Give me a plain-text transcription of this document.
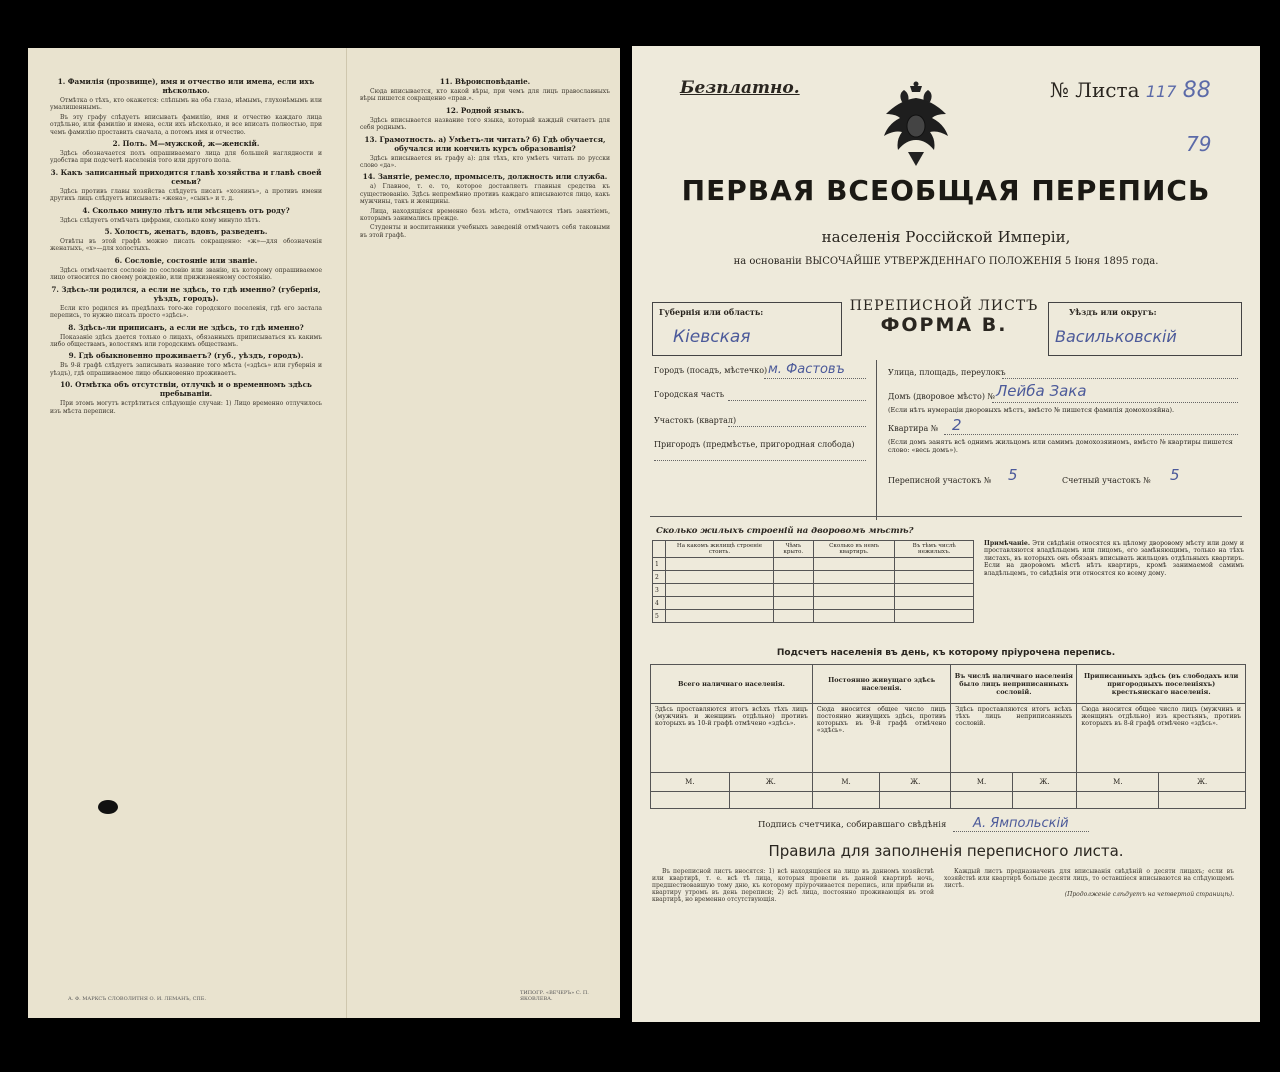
1. Фамилія (прозвище), имя и отчество или имена, если ихъ нѣсколько.
Отмѣтка о тѣхъ, кто окажется: слѣпымъ на оба глаза, нѣмымъ, глухонѣмымъ или умалишеннымъ.
Въ эту графу слѣдуетъ вписывать фамилію, имя и отчество каждаго лица отдѣльно, или фамилію и имена, если ихъ нѣсколько, и все вписать полностью, при чемъ фамилію проставить сначала, а потомъ имя и отчество.
2. Полъ. М—мужской, ж—женскій.
Здѣсь обозначается полъ опрашиваемаго лица для большей наглядности и удобства при подсчетѣ населенія того или другого пола.
3. Какъ записанный приходится главѣ хозяйства и главѣ своей семьи?
Здѣсь противъ главы хозяйства слѣдуетъ писать «хозяинъ», а противъ имени другихъ лицъ слѣдуетъ вписывать: «жена», «сынъ» и т. д.
4. Сколько минуло лѣтъ или мѣсяцевъ отъ роду?
Здѣсь слѣдуетъ отмѣчать цифрами, сколько кому минуло лѣтъ.
5. Холостъ, женатъ, вдовъ, разведенъ.
Отвѣты въ этой графѣ можно писать сокращенно: «ж»—для обозначенія женатыхъ, «х»—для холостыхъ.
6. Сословіе, состояніе или званіе.
Здѣсь отмѣчается сословіе по сословію или званію, къ которому опрашиваемое лицо относится по своему рожденію, или прижизненному состоянію.
7. Здѣсь-ли родился, а если не здѣсь, то гдѣ именно? (губернія, уѣздъ, городъ).
Если кто родился въ предѣлахъ того-же городского поселенія, гдѣ его застала перепись, то нужно писать просто «здѣсь».
8. Здѣсь-ли приписанъ, а если не здѣсь, то гдѣ именно?
Показаніе здѣсь дается только о лицахъ, обязанныхъ приписываться къ какимъ либо обществамъ, волостямъ или городскимъ обществамъ.
9. Гдѣ обыкновенно проживаетъ? (губ., уѣздъ, городъ).
Въ 9-й графѣ слѣдуетъ записывать название того мѣста («здѣсь» или губернія и уѣздъ), гдѣ опрашиваемое лицо обыкновенно проживаетъ.
10. Отмѣтка объ отсутствіи, отлучкѣ и о временномъ здѣсь пребываніи.
При этомъ могутъ встрѣтиться слѣдующіе случаи: 1) Лицо временно отлучилось изъ мѣста переписи.
11. Вѣроисповѣданіе.
Сюда вписывается, кто какой вѣры, при чемъ для лицъ православныхъ вѣры пишется сокращенно «прав.».
12. Родной языкъ.
Здѣсь вписывается название того языка, который каждый считаетъ для себя роднымъ.
13. Грамотность. а) Умѣетъ-ли читать? б) Гдѣ обучается, обучался или кончилъ курсъ образованія?
Здѣсь вписывается въ графу а): для тѣхъ, кто умѣетъ читать по русски слово «да».
14. Занятіе, ремесло, промыселъ, должность или служба.
а) Главное, т. е. то, которое доставляетъ главныя средства къ существованію. Здѣсь непремѣнно противъ каждаго вписываются лицо, какъ мужчины, такъ и женщины.
Лица, находящіяся временно безъ мѣста, отмѣчаются тѣмъ занятіемъ, которымъ занимались прежде.
Студенты и воспитанники учебныхъ заведеній отмѣчаютъ себя таковыми въ этой графѣ.
А. Ф. МАРКСЪ СЛОВОЛИТНЯ О. И. ЛЕМАНЪ, СПБ.
ТИПОГР. «ВЕЧЕРЪ» С. П. ЯКОВЛЕВА.
Безплатно.	№ Листа 117 88
79
ПЕРВАЯ ВСЕОБЩАЯ ПЕРЕПИСЬ
населенія Россійской Имперіи,
на основаніи ВЫСОЧАЙШЕ УТВЕРЖДЕННАГО ПОЛОЖЕНІЯ 5 Іюня 1895 года.
Губернія или область:
Кіевская
ПЕРЕПИСНОЙ ЛИСТЪ
ФОРМА В.
Уѣздъ или округъ:
Васильковскій
Городъ (посадъ, мѣстечко) м. Фастовъ
Городская часть
Участокъ (квартал)
Пригородъ (предмѣстье, пригородная слобода)
Улица, площадь, переулокъ
Домъ (дворовое мѣсто) № Лейба Зака
(Если нѣтъ нумераціи дворовыхъ мѣстъ, вмѣсто № пишется фамилія домохозяйна).
Квартира № 2
(Если домъ занятъ всѣ однимъ жильцомъ или самимъ домохозяиномъ, вмѣсто № квартиры пишется слово: «весь домъ»).
Переписной участокъ № 5	Счетный участокъ № 5
Сколько жилыхъ строеній на дворовомъ мѣстѣ?
	На какомъ жилищѣ строеніе стоить.	Чѣмъ крыто.	Сколько въ немъ квартиръ.	Въ тѣмъ числѣ нежилыхъ.
1				
2				
3				
4				
5				
Примѣчаніе. Эти свѣдѣнія относятся къ цѣлому дворовому мѣсту или дому и проставляются владѣльцемъ или лицомъ, его замѣняющимъ, только на тѣхъ листахъ, въ которыхъ онъ обязанъ вписывать жильцовъ отдѣльныхъ квартиръ. Если на дворовомъ мѣстѣ нѣтъ квартиръ, кромѣ занимаемой самимъ владѣльцемъ, то свѣдѣнія эти относятся ко всему дому.
Подсчетъ населенія въ день, къ которому пріурочена перепись.
Всего наличнаго населенія.		Постоянно живущаго здѣсь населенія.		Въ числѣ наличнаго населенія было лицъ неприписанныхъ сословій.		Приписанныхъ здѣсь (въ слободахъ или пригородныхъ поселеніяхъ) крестьянскаго населенія.	
Здѣсь проставляются итогъ всѣхъ тѣхъ лицъ (мужчинъ и женщинъ отдѣльно) противъ которыхъ въ 10-й графѣ отмѣчено «здѣсь».		Сюда вносится общее число лицъ постоянно живущихъ здѣсь, противъ которыхъ въ 9-й графѣ отмѣчено «здѣсь».		Здѣсь проставляются итогъ всѣхъ тѣхъ лицъ неприписанныхъ сословій.		Сюда вносится общее число лицъ (мужчинъ и женщинъ отдѣльно) изъ крестьянъ, противъ которыхъ въ 8-й графѣ отмѣчено «здѣсь».	
М.	Ж.	М.	Ж.	М.	Ж.	М.	Ж.

Подпись счетчика, собиравшаго свѣдѣнія А. Ямпольскій
Правила для заполненія переписного листа.
Въ переписной листъ вносятся: 1) всѣ находящіеся на лицо въ данномъ хозяйствѣ или квартирѣ, т. е. всѣ тѣ лица, которыя провели въ данной квартирѣ ночь, предшествовавшую тому дню, къ которому пріурочивается перепись, или прибыли въ квартиру утромъ въ день переписи; 2) всѣ лица, постоянно проживающія въ этой квартирѣ, но временно отсутствующія.
Каждый листъ предназначенъ для вписыванія свѣдѣній о десяти лицахъ; если въ хозяйствѣ или квартирѣ больше десяти лицъ, то оставшіеся вписываются на слѣдующемъ листѣ.
(Продолженіе слѣдуетъ на четвертой страницѣ).
